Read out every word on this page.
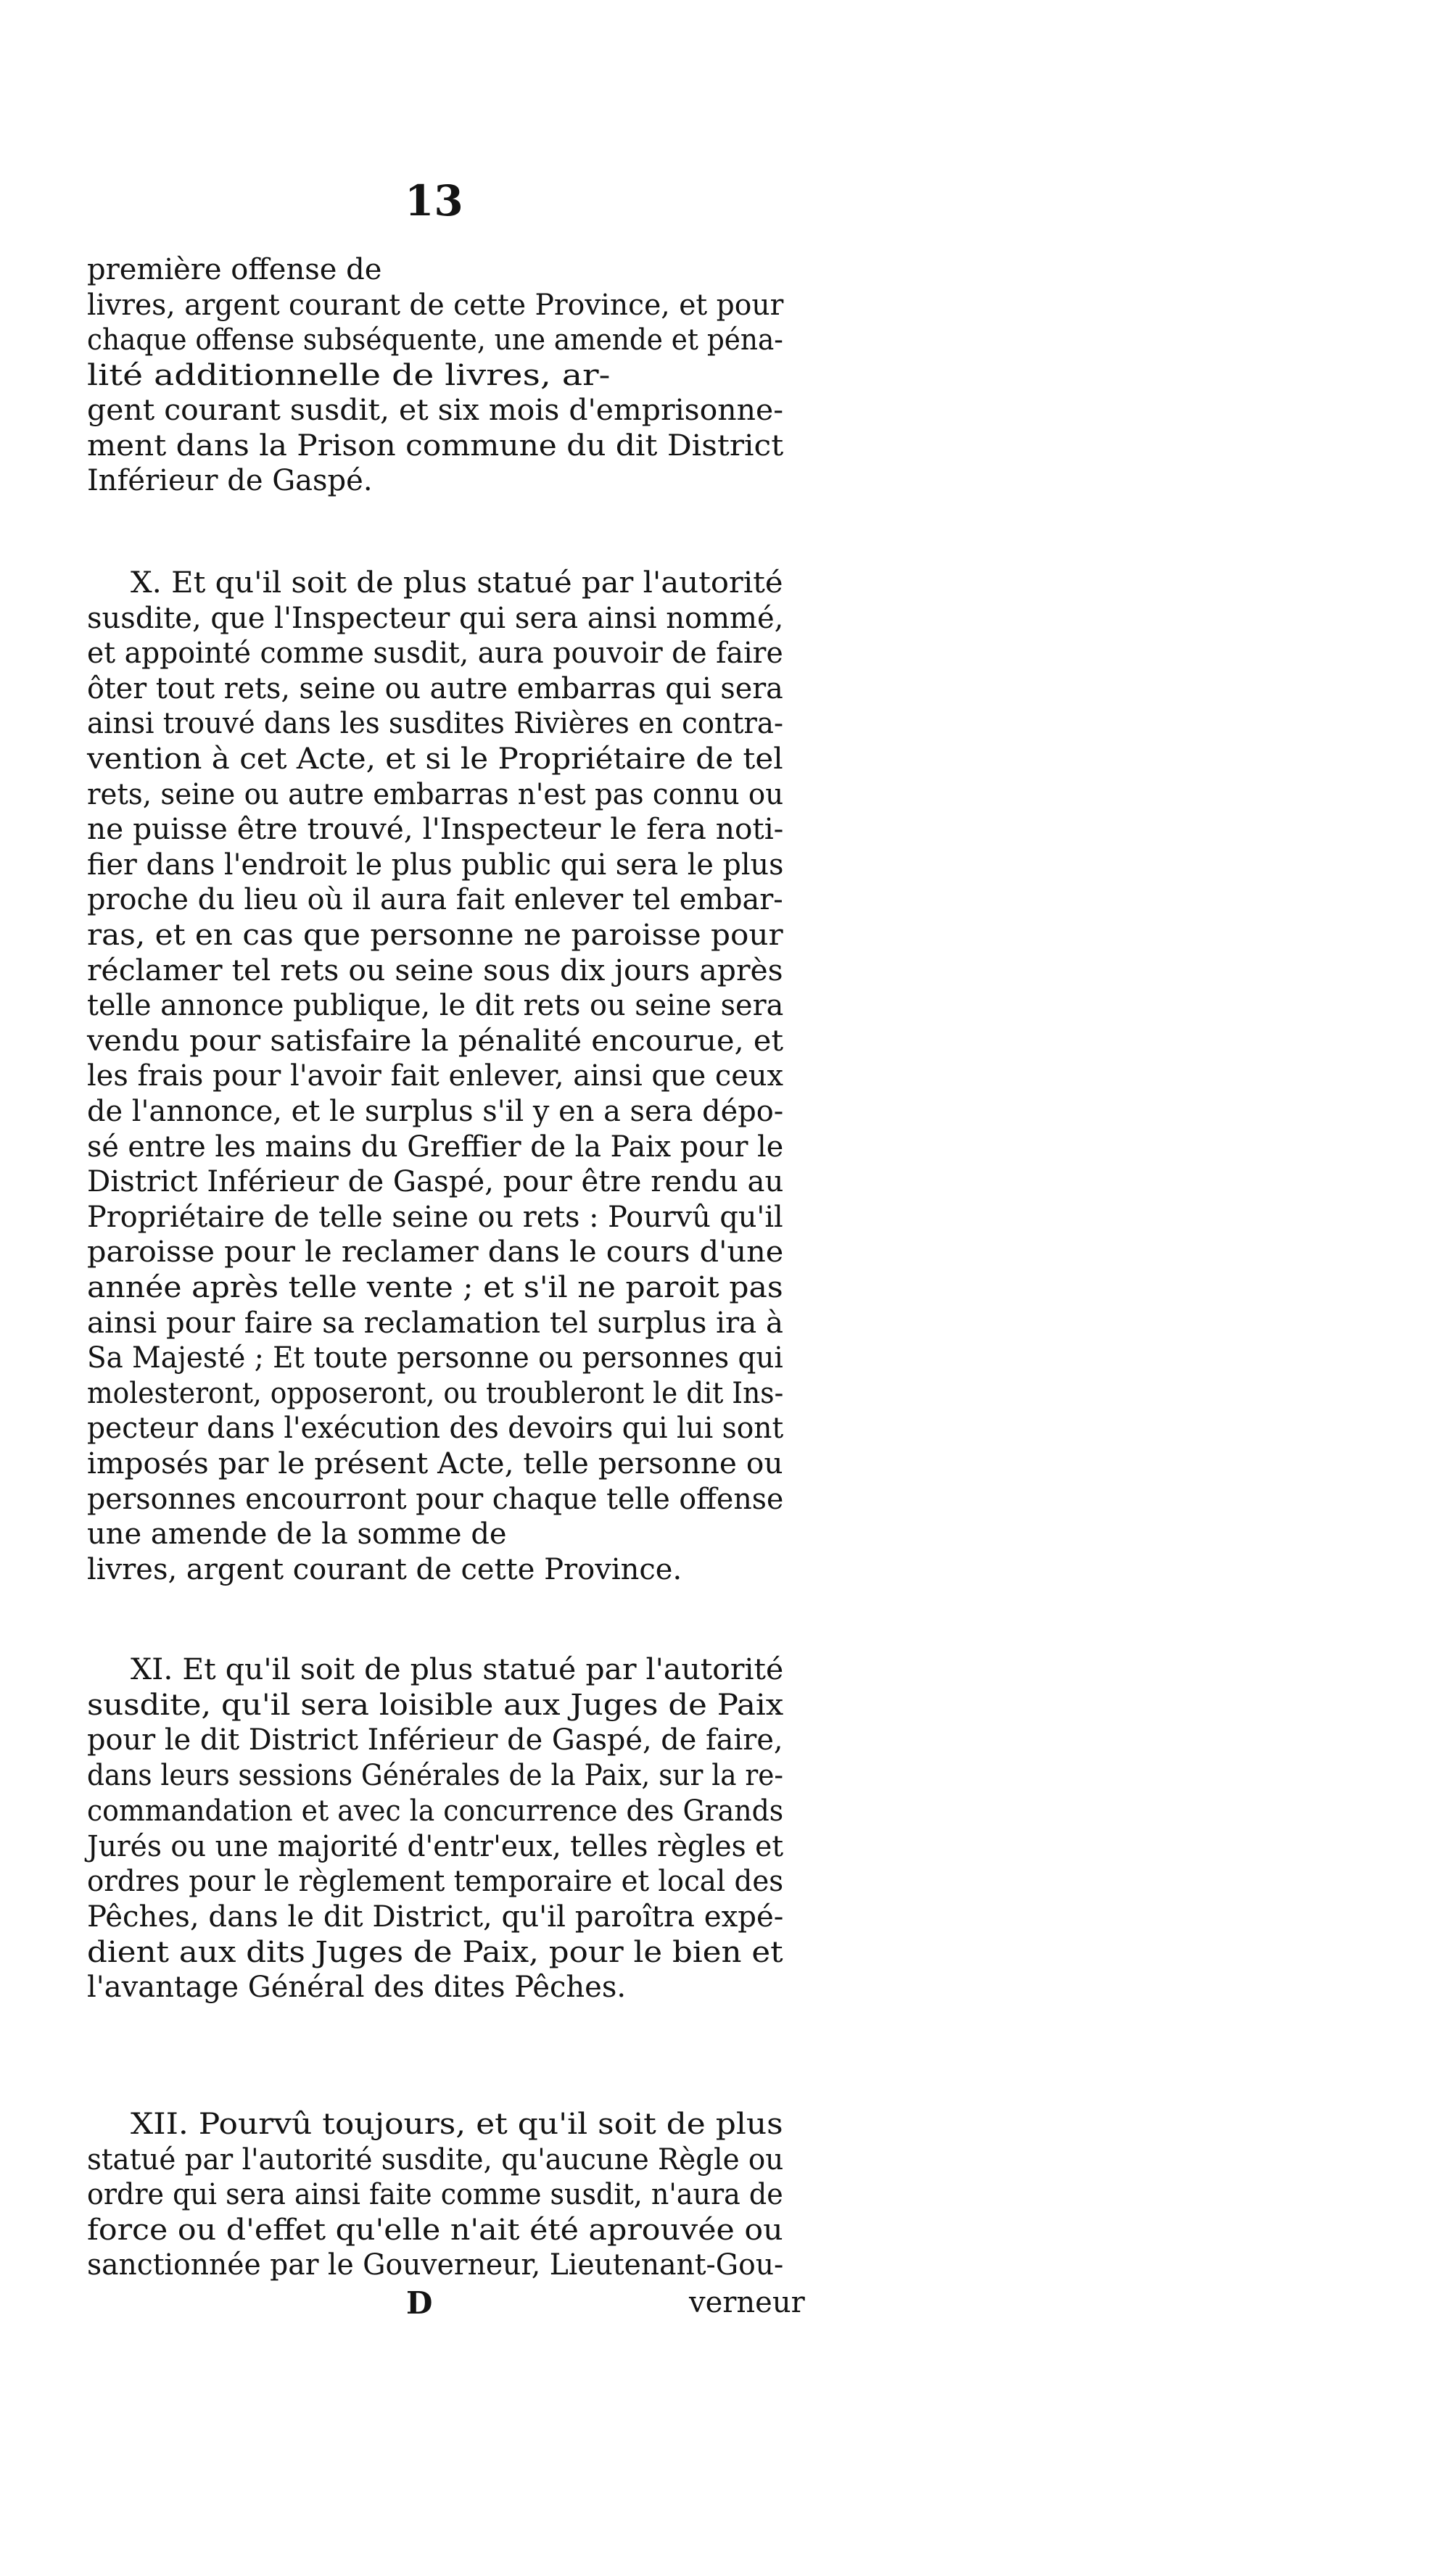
13
première offense de
livres, argent courant de cette Province, et pour
chaque offense subséquente, une amende et péna-
lité additionnelle de livres, ar-
gent courant susdit, et six mois d'emprisonne-
ment dans la Prison commune du dit District
Inférieur de Gaspé.
X. Et qu'il soit de plus statué par l'autorité
susdite, que l'Inspecteur qui sera ainsi nommé,
et appointé comme susdit, aura pouvoir de faire
ôter tout rets, seine ou autre embarras qui sera
ainsi trouvé dans les susdites Rivières en contra-
vention à cet Acte, et si le Propriétaire de tel
rets, seine ou autre embarras n'est pas connu ou
ne puisse être trouvé, l'Inspecteur le fera noti-
fier dans l'endroit le plus public qui sera le plus
proche du lieu où il aura fait enlever tel embar-
ras, et en cas que personne ne paroisse pour
réclamer tel rets ou seine sous dix jours après
telle annonce publique, le dit rets ou seine sera
vendu pour satisfaire la pénalité encourue, et
les frais pour l'avoir fait enlever, ainsi que ceux
de l'annonce, et le surplus s'il y en a sera dépo-
sé entre les mains du Greffier de la Paix pour le
District Inférieur de Gaspé, pour être rendu au
Propriétaire de telle seine ou rets : Pourvû qu'il
paroisse pour le reclamer dans le cours d'une
année après telle vente ; et s'il ne paroit pas
ainsi pour faire sa reclamation tel surplus ira à
Sa Majesté ; Et toute personne ou personnes qui
molesteront, opposeront, ou troubleront le dit Ins-
pecteur dans l'exécution des devoirs qui lui sont
imposés par le présent Acte, telle personne ou
personnes encourront pour chaque telle offense
une amende de la somme de
livres, argent courant de cette Province.
XI. Et qu'il soit de plus statué par l'autorité
susdite, qu'il sera loisible aux Juges de Paix
pour le dit District Inférieur de Gaspé, de faire,
dans leurs sessions Générales de la Paix, sur la re-
commandation et avec la concurrence des Grands
Jurés ou une majorité d'entr'eux, telles règles et
ordres pour le règlement temporaire et local des
Pêches, dans le dit District, qu'il paroîtra expé-
dient aux dits Juges de Paix, pour le bien et
l'avantage Général des dites Pêches.
XII. Pourvû toujours, et qu'il soit de plus
statué par l'autorité susdite, qu'aucune Règle ou
ordre qui sera ainsi faite comme susdit, n'aura de
force ou d'effet qu'elle n'ait été aprouvée ou
sanctionnée par le Gouverneur, Lieutenant-Gou-
D	verneur
